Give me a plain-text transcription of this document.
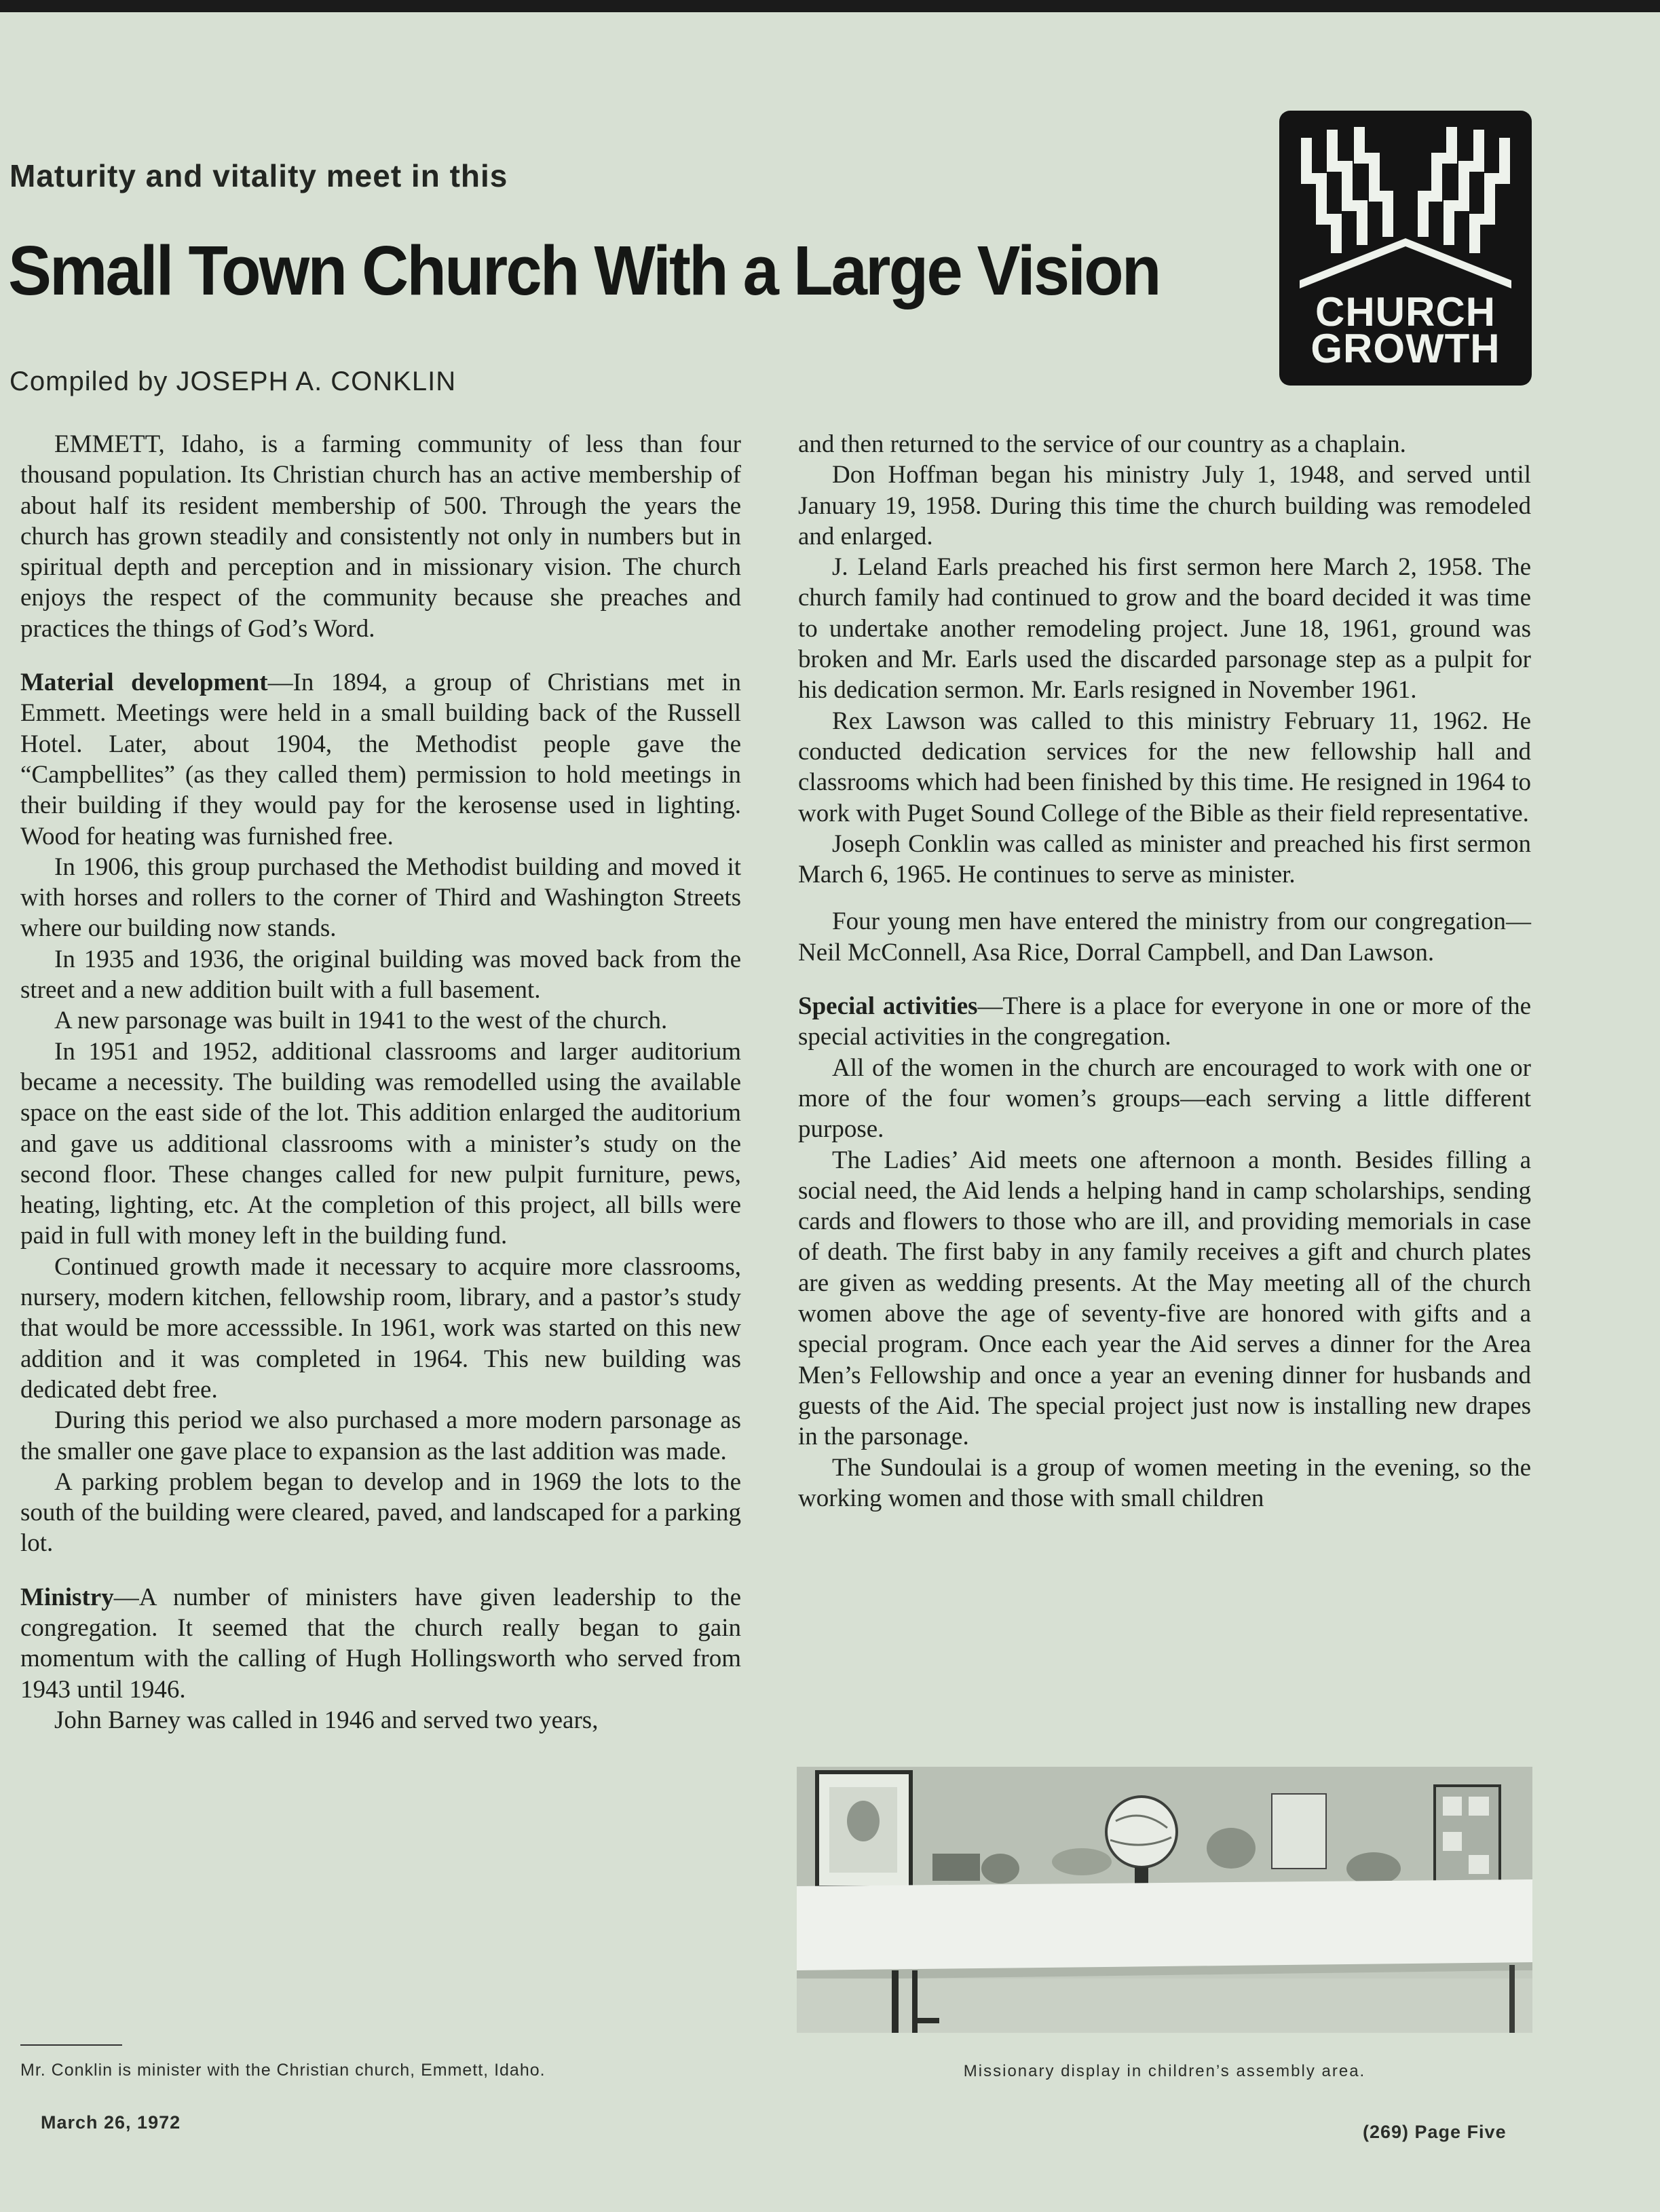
Maturity and vitality meet in this
Small Town Church With a Large Vision
Compiled by JOSEPH A. CONKLIN
CHURCH
GROWTH

EMMETT, Idaho, is a farming community of less than four thousand population. Its Christian church has an active membership of about half its resident membership of 500. Through the years the church has grown steadily and consistently not only in numbers but in spiritual depth and perception and in missionary vision. The church enjoys the respect of the community because she preaches and practices the things of God’s Word.

Material development—In 1894, a group of Christians met in Emmett. Meetings were held in a small building back of the Russell Hotel. Later, about 1904, the Methodist people gave the “Campbellites” (as they called them) permission to hold meetings in their building if they would pay for the kerosense used in lighting. Wood for heating was furnished free.

In 1906, this group purchased the Methodist building and moved it with horses and rollers to the corner of Third and Washington Streets where our building now stands.

In 1935 and 1936, the original building was moved back from the street and a new addition built with a full basement.

A new parsonage was built in 1941 to the west of the church.

In 1951 and 1952, additional classrooms and larger auditorium became a necessity. The building was remodelled using the available space on the east side of the lot. This addition enlarged the auditorium and gave us additional classrooms with a minister’s study on the second floor. These changes called for new pulpit furniture, pews, heating, lighting, etc. At the completion of this project, all bills were paid in full with money left in the building fund.

Continued growth made it necessary to acquire more classrooms, nursery, modern kitchen, fellowship room, library, and a pastor’s study that would be more accesssible. In 1961, work was started on this new addition and it was completed in 1964. This new building was dedicated debt free.

During this period we also purchased a more modern parsonage as the smaller one gave place to expansion as the last addition was made.

A parking problem began to develop and in 1969 the lots to the south of the building were cleared, paved, and landscaped for a parking lot.

Ministry—A number of ministers have given leadership to the congregation. It seemed that the church really began to gain momentum with the calling of Hugh Hollingsworth who served from 1943 until 1946.

John Barney was called in 1946 and served two years,

and then returned to the service of our country as a chaplain.

Don Hoffman began his ministry July 1, 1948, and served until January 19, 1958. During this time the church building was remodeled and enlarged.

J. Leland Earls preached his first sermon here March 2, 1958. The church family had continued to grow and the board decided it was time to undertake another remodeling project. June 18, 1961, ground was broken and Mr. Earls used the discarded parsonage step as a pulpit for his dedication sermon. Mr. Earls resigned in November 1961.

Rex Lawson was called to this ministry February 11, 1962. He conducted dedication services for the new fellowship hall and classrooms which had been finished by this time. He resigned in 1964 to work with Puget Sound College of the Bible as their field representative.

Joseph Conklin was called as minister and preached his first sermon March 6, 1965. He continues to serve as minister.

Four young men have entered the ministry from our congregation—Neil McConnell, Asa Rice, Dorral Campbell, and Dan Lawson.

Special activities—There is a place for everyone in one or more of the special activities in the congregation.

All of the women in the church are encouraged to work with one or more of the four women’s groups—each serving a little different purpose.

The Ladies’ Aid meets one afternoon a month. Besides filling a social need, the Aid lends a helping hand in camp scholarships, sending cards and flowers to those who are ill, and providing memorials in case of death. The first baby in any family receives a gift and church plates are given as wedding presents. At the May meeting all of the church women above the age of seventy-five are honored with gifts and a special program. Once each year the Aid serves a dinner for the Area Men’s Fellowship and once a year an evening dinner for husbands and guests of the Aid. The special project just now is installing new drapes in the parsonage.

The Sundoulai is a group of women meeting in the evening, so the working women and those with small children

Mr. Conklin is minister with the Christian church, Emmett, Idaho.	Missionary display in children’s assembly area.
March 26, 1972	(269) Page Five
